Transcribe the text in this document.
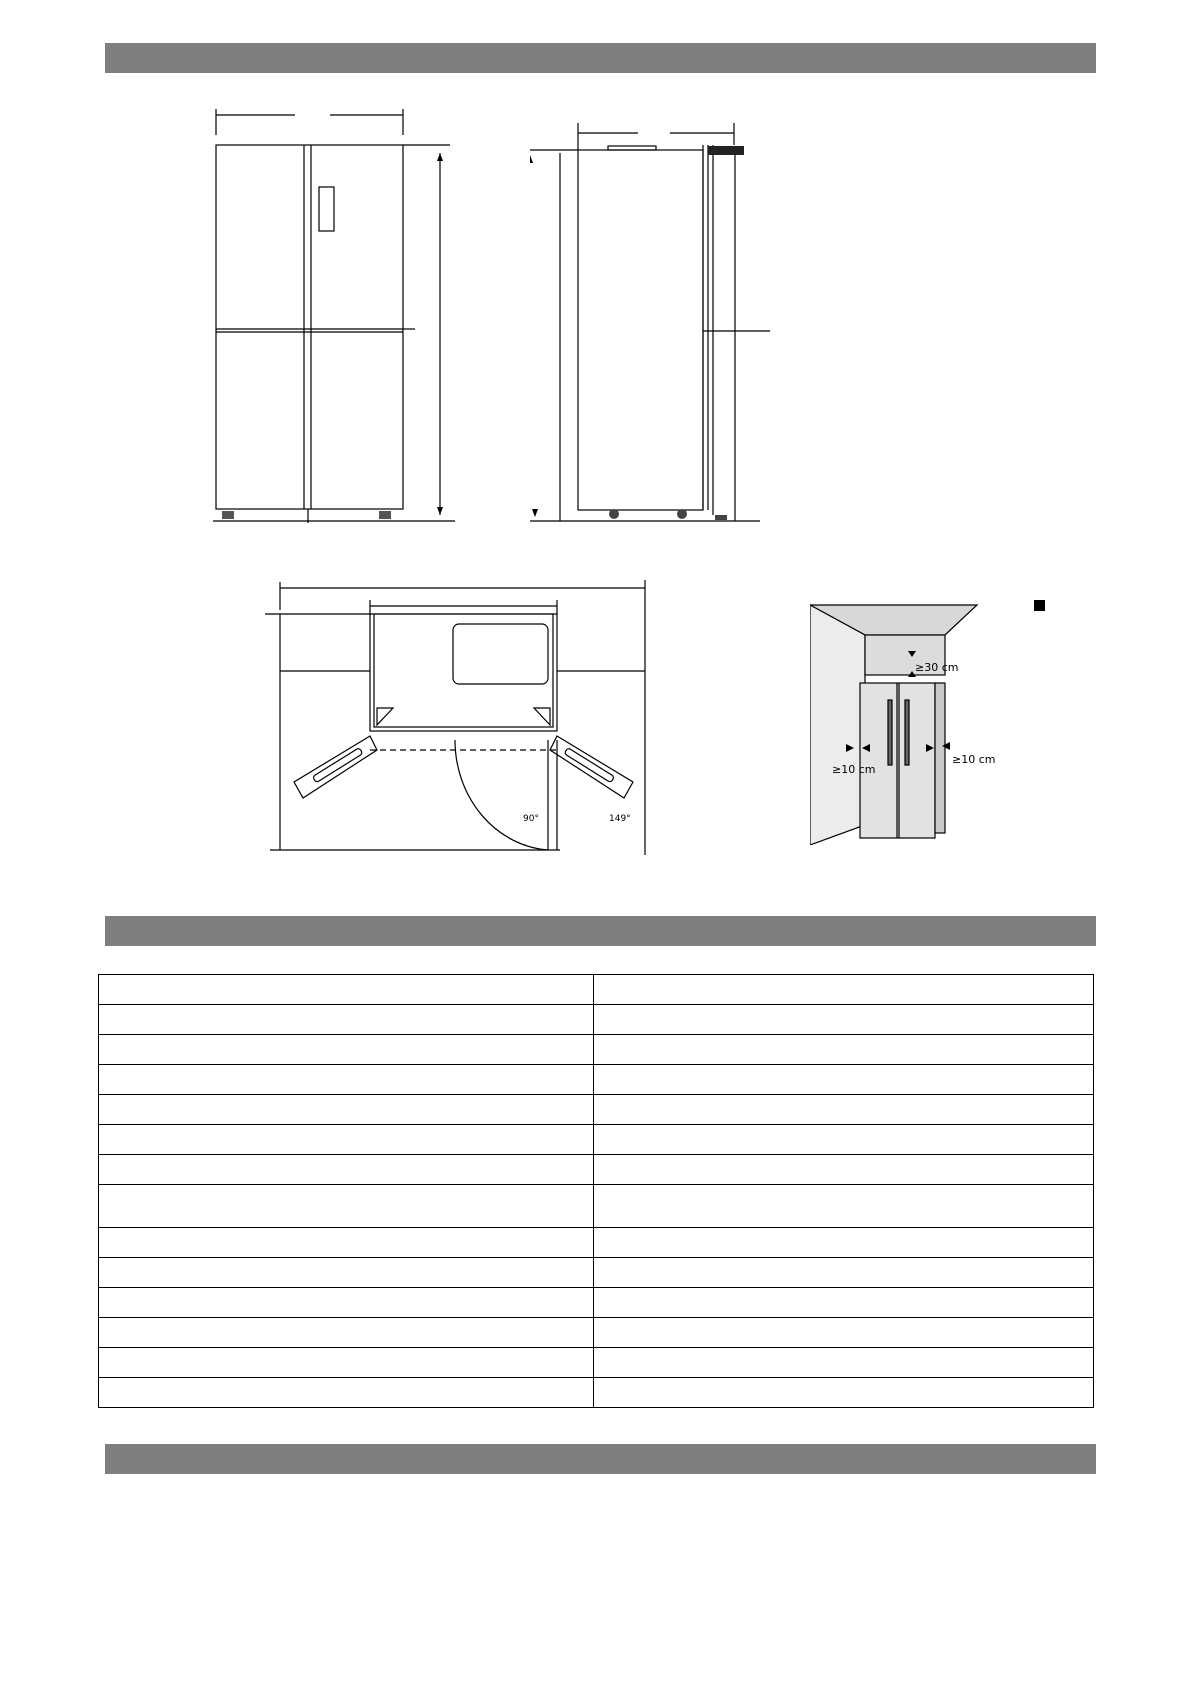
90°	149°
≥30 cm
≥10 cm
≥10 cm
